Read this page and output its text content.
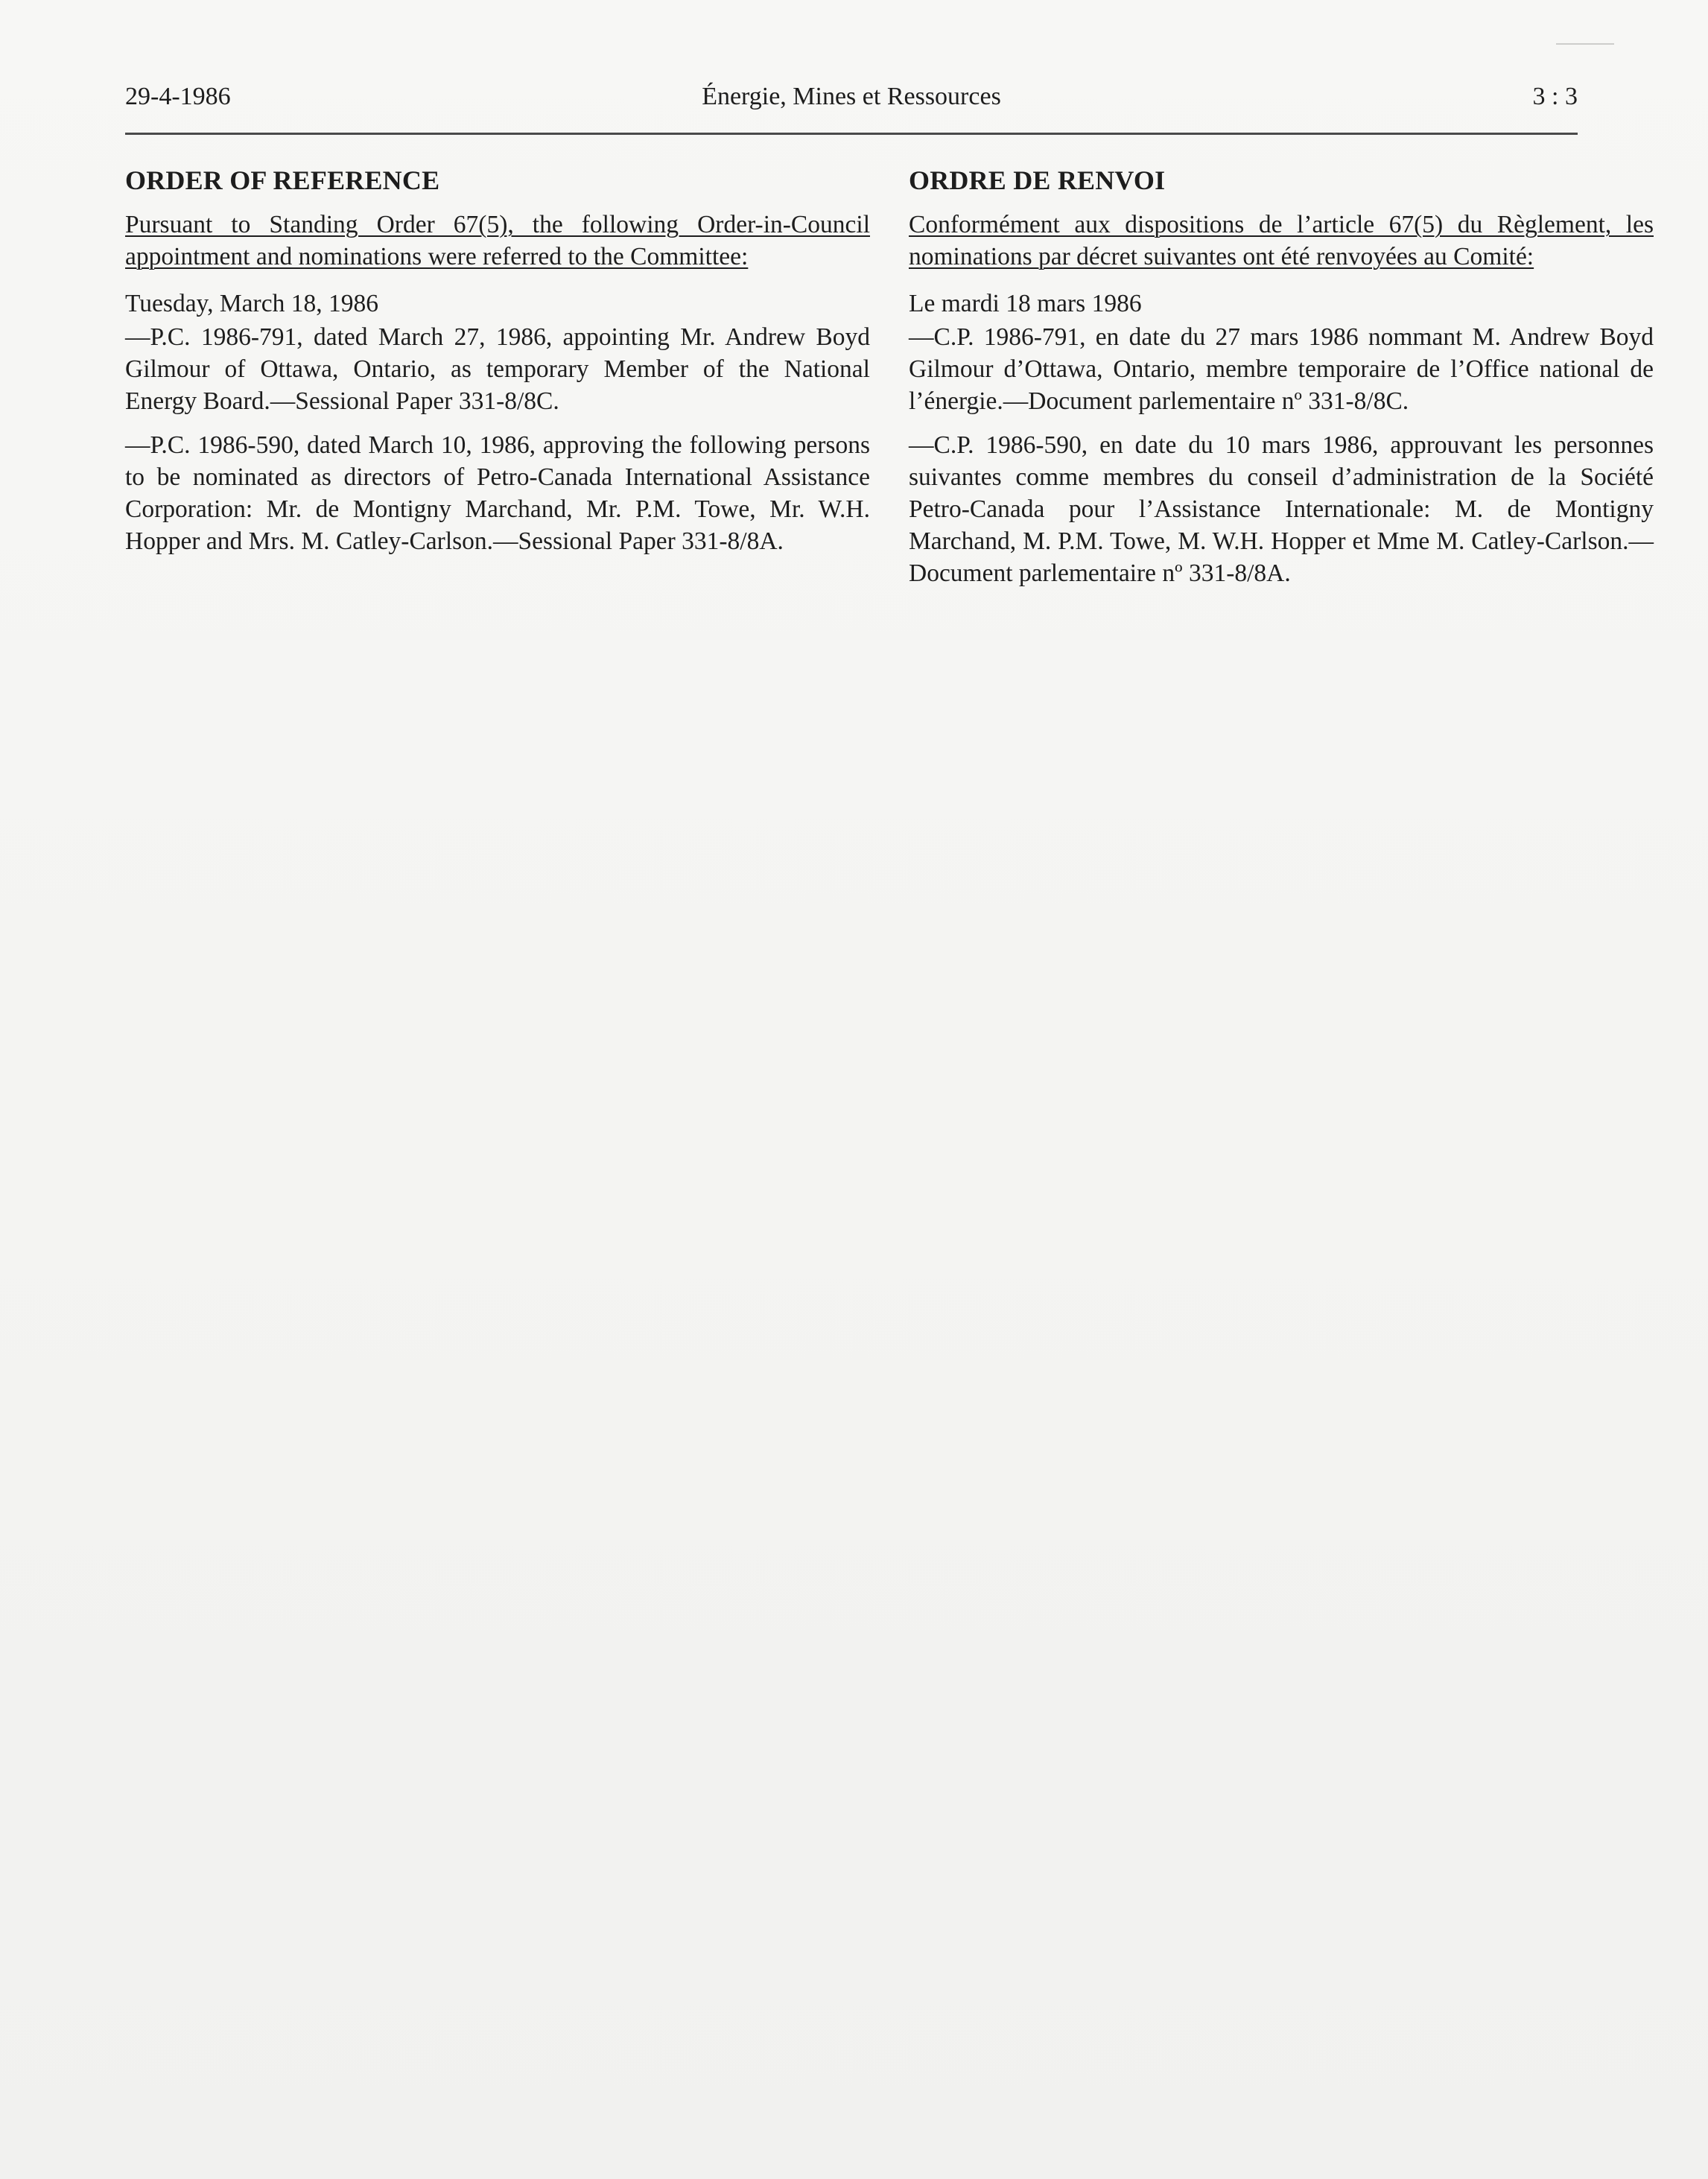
29-4-1986	Énergie, Mines et Ressources	3 : 3
ORDER OF REFERENCE

Pursuant to Standing Order 67(5), the following Order-in-Council appointment and nominations were referred to the Committee:

Tuesday, March 18, 1986

—P.C. 1986-791, dated March 27, 1986, appointing Mr. Andrew Boyd Gilmour of Ottawa, Ontario, as temporary Member of the National Energy Board.—Sessional Paper 331-8/8C.

—P.C. 1986-590, dated March 10, 1986, approving the following persons to be nominated as directors of Petro-Canada International Assistance Corporation: Mr. de Montigny Marchand, Mr. P.M. Towe, Mr. W.H. Hopper and Mrs. M. Catley-Carlson.—Sessional Paper 331-8/8A.

ORDRE DE RENVOI

Conformément aux dispositions de l’article 67(5) du Règlement, les nominations par décret suivantes ont été renvoyées au Comité:

Le mardi 18 mars 1986

—C.P. 1986-791, en date du 27 mars 1986 nommant M. Andrew Boyd Gilmour d’Ottawa, Ontario, membre temporaire de l’Office national de l’énergie.—Document parlementaire nº 331-8/8C.

—C.P. 1986-590, en date du 10 mars 1986, approuvant les personnes suivantes comme membres du conseil d’administration de la Société Petro-Canada pour l’Assistance Internationale: M. de Montigny Marchand, M. P.M. Towe, M. W.H. Hopper et Mme M. Catley-Carlson.—Document parlementaire nº 331-8/8A.
